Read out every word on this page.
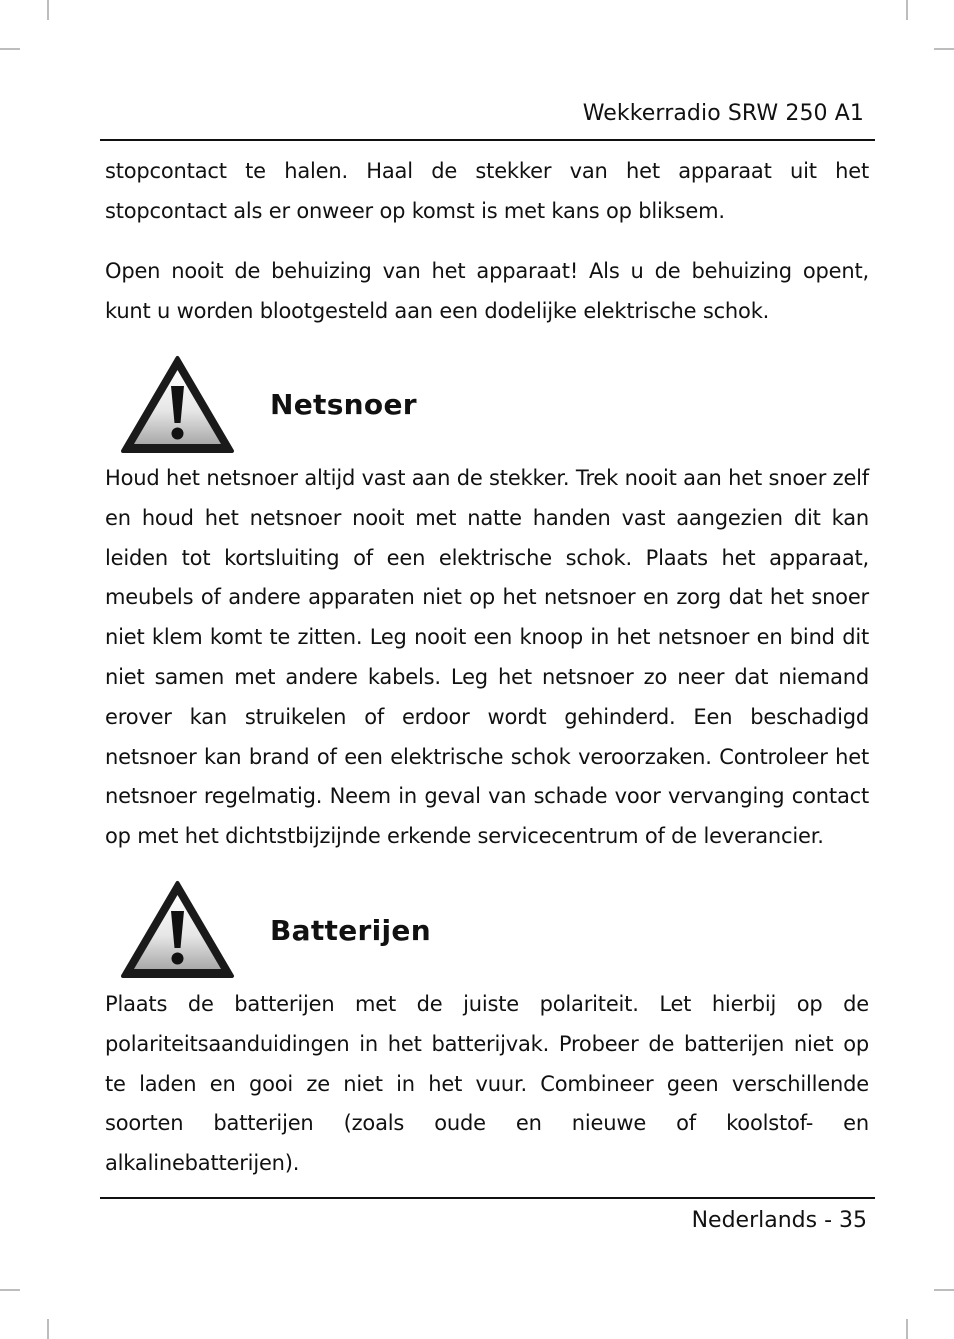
Wekkerradio SRW 250 A1

stopcontact te halen. Haal de stekker van het apparaat uit het stopcontact als er onweer op komst is met kans op bliksem.

Open nooit de behuizing van het apparaat! Als u de behuizing opent, kunt u worden blootgesteld aan een dodelijke elektrische schok.

Netsnoer

Houd het netsnoer altijd vast aan de stekker. Trek nooit aan het snoer zelf en houd het netsnoer nooit met natte handen vast aangezien dit kan leiden tot kortsluiting of een elektrische schok. Plaats het apparaat, meubels of andere apparaten niet op het netsnoer en zorg dat het snoer niet klem komt te zitten. Leg nooit een knoop in het netsnoer en bind dit niet samen met andere kabels. Leg het netsnoer zo neer dat niemand erover kan struikelen of erdoor wordt gehinderd. Een beschadigd netsnoer kan brand of een elektrische schok veroorzaken. Controleer het netsnoer regelmatig. Neem in geval van schade voor vervanging contact op met het dichtstbijzijnde erkende servicecentrum of de leverancier.

Batterijen

Plaats de batterijen met de juiste polariteit. Let hierbij op de polariteitsaanduidingen in het batterijvak. Probeer de batterijen niet op te laden en gooi ze niet in het vuur. Combineer geen verschillende soorten batterijen (zoals oude en nieuwe of koolstof- en alkalinebatterijen).

Nederlands - 35
